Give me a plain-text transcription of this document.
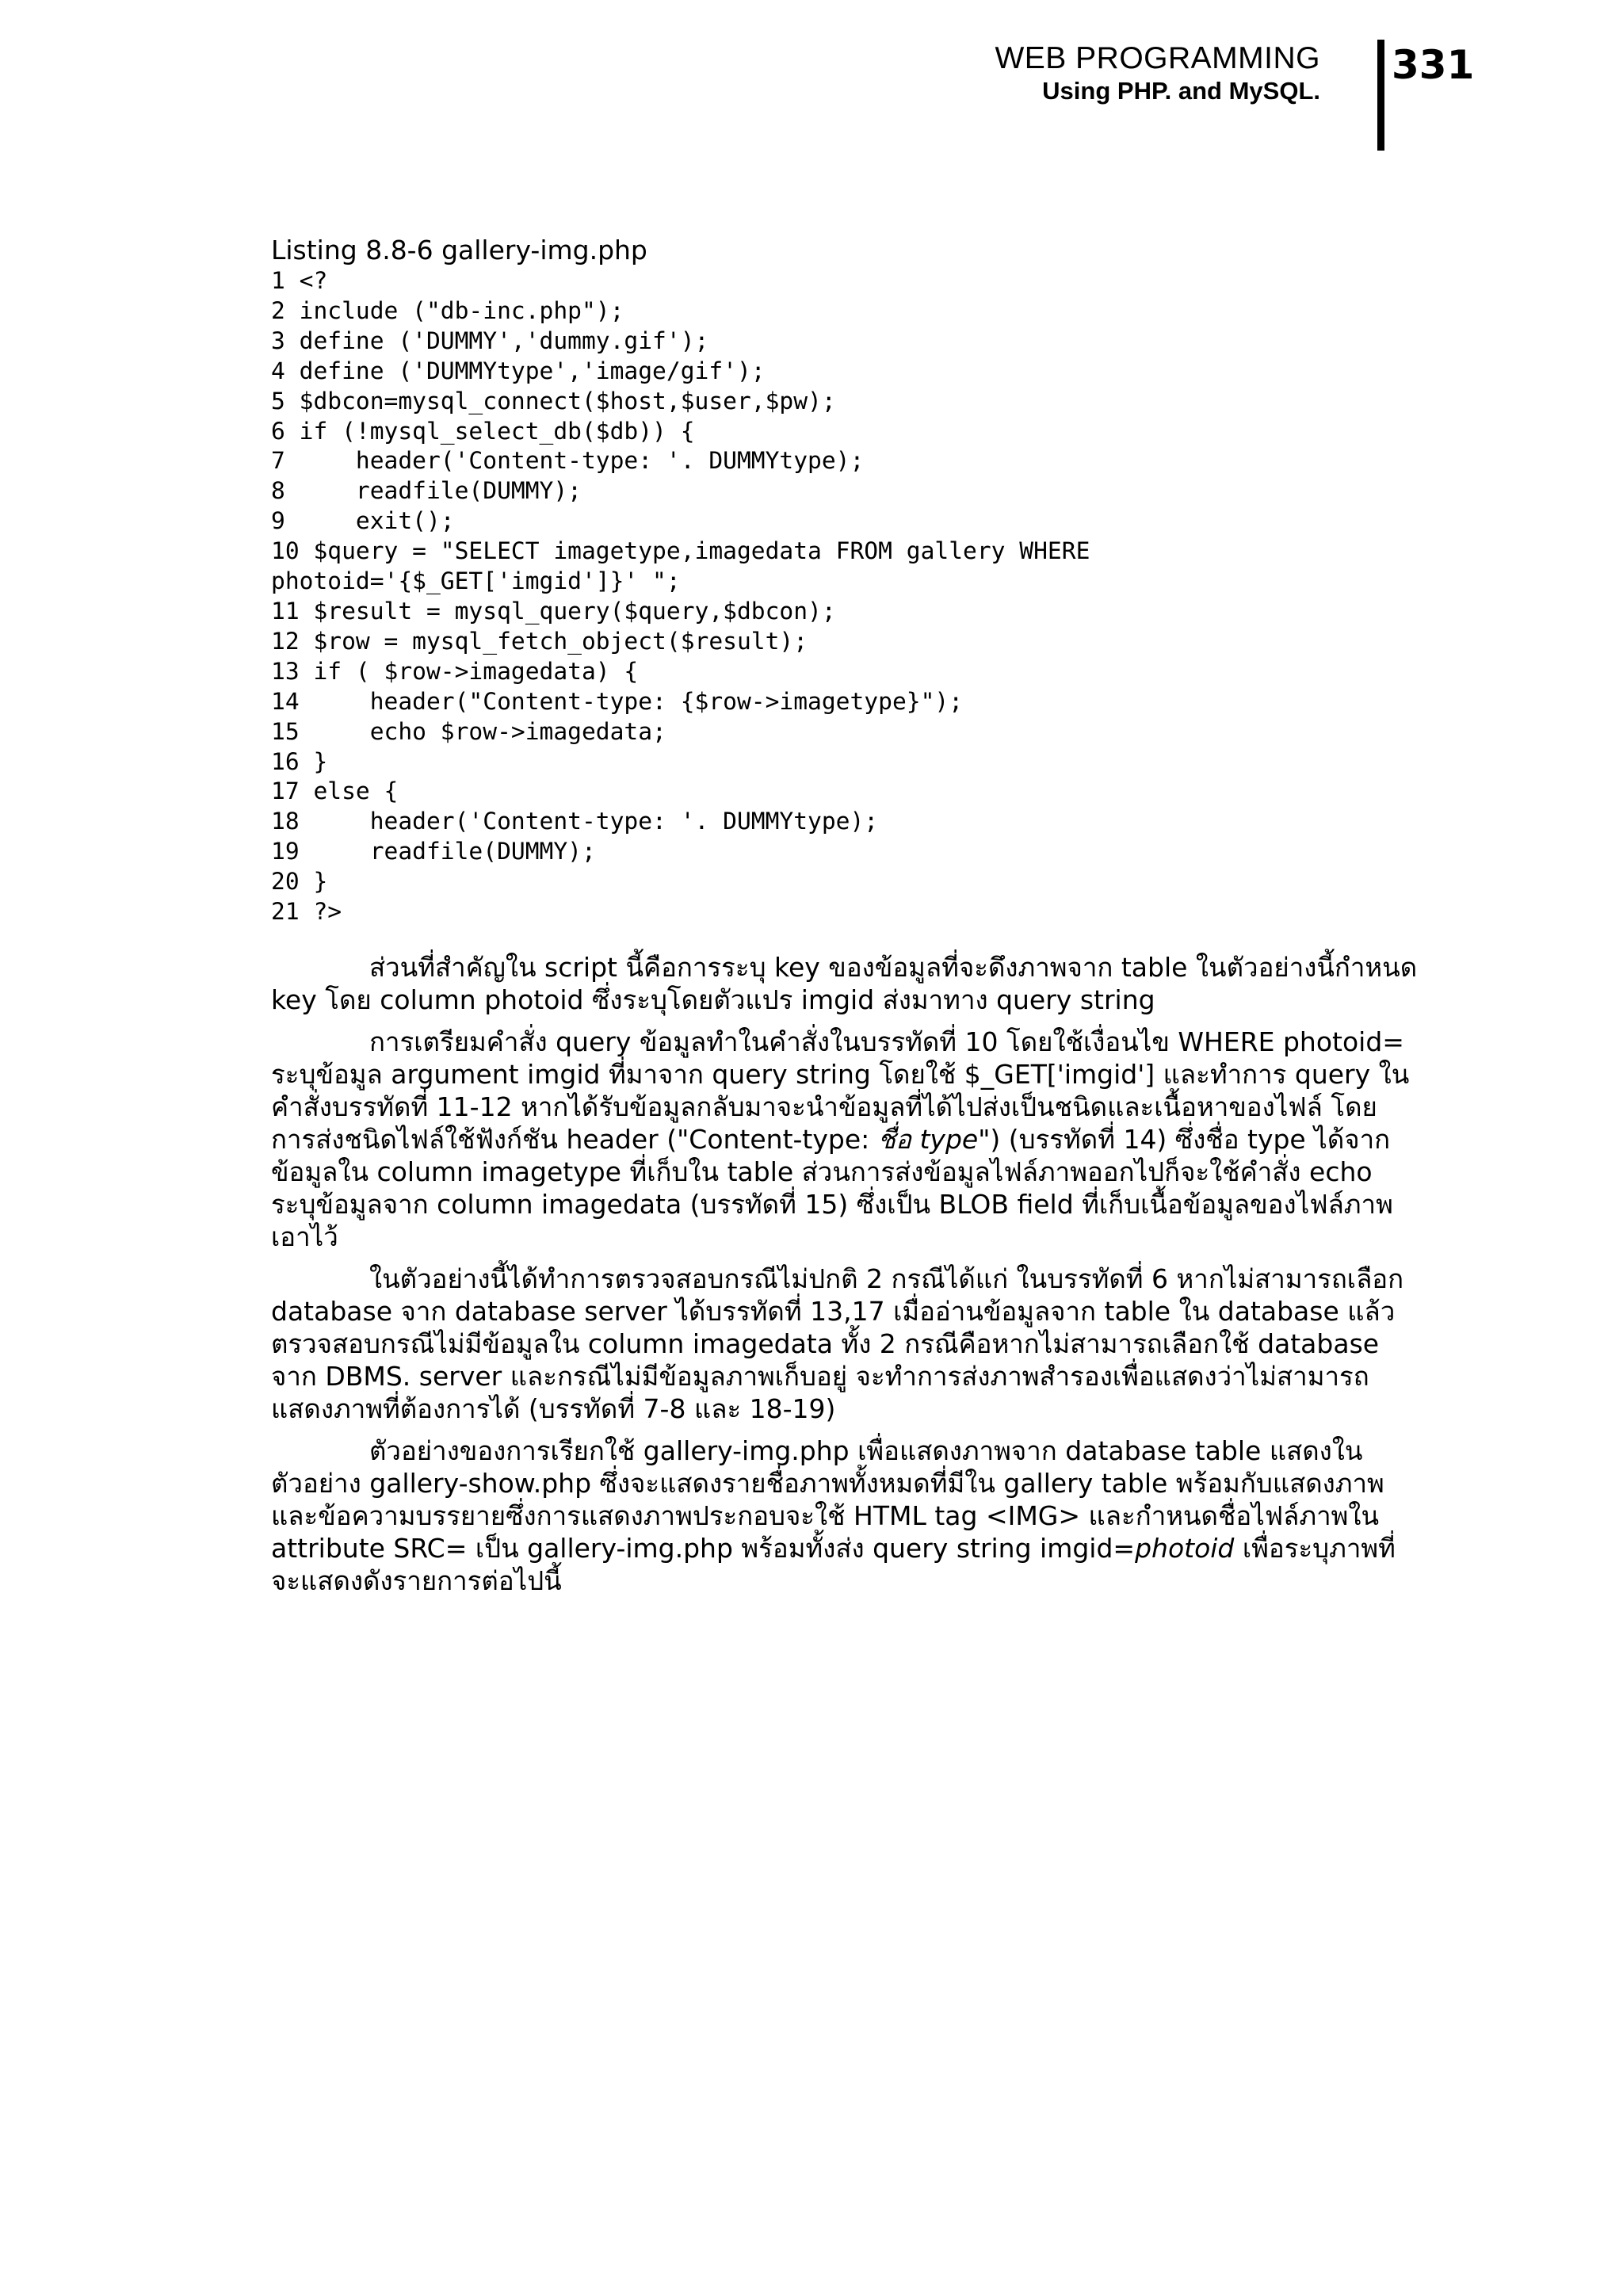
WEB PROGRAMMING
Using PHP. and MySQL.
331

Listing 8.8-6 gallery-img.php

1 <?
2 include ("db-inc.php");
3 define ('DUMMY','dummy.gif');
4 define ('DUMMYtype','image/gif');
5 $dbcon=mysql_connect($host,$user,$pw);
6 if (!mysql_select_db($db)) {
7     header('Content-type: '. DUMMYtype);
8     readfile(DUMMY);
9     exit();
10 $query = "SELECT imagetype,imagedata FROM gallery WHERE
photoid='{$_GET['imgid']}' ";
11 $result = mysql_query($query,$dbcon);
12 $row = mysql_fetch_object($result);
13 if ( $row->imagedata) {
14     header("Content-type: {$row->imagetype}");
15     echo $row->imagedata;
16 }
17 else {
18     header('Content-type: '. DUMMYtype);
19     readfile(DUMMY);
20 }
21 ?>

ส่วนที่สำคัญใน script นี้คือการระบุ key ของข้อมูลที่จะดึงภาพจาก table ในตัวอย่างนี้กำหนด key โดย column photoid ซึ่งระบุโดยตัวแปร imgid ส่งมาทาง query string

การเตรียมคำสั่ง query ข้อมูลทำในคำสั่งในบรรทัดที่ 10 โดยใช้เงื่อนไข WHERE photoid= ระบุข้อมูล argument imgid ที่มาจาก query string โดยใช้ $_GET['imgid'] และทำการ query ในคำสั่งบรรทัดที่ 11-12 หากได้รับข้อมูลกลับมาจะนำข้อมูลที่ได้ไปส่งเป็นชนิดและเนื้อหาของไฟล์ โดยการส่งชนิดไฟล์ใช้ฟังก์ชัน header ("Content-type: ชื่อ type") (บรรทัดที่ 14) ซึ่งชื่อ type ได้จากข้อมูลใน column imagetype ที่เก็บใน table ส่วนการส่งข้อมูลไฟล์ภาพออกไปก็จะใช้คำสั่ง echo ระบุข้อมูลจาก column imagedata (บรรทัดที่ 15) ซึ่งเป็น BLOB field ที่เก็บเนื้อข้อมูลของไฟล์ภาพเอาไว้

ในตัวอย่างนี้ได้ทำการตรวจสอบกรณีไม่ปกติ 2 กรณีได้แก่ ในบรรทัดที่ 6 หากไม่สามารถเลือก database จาก database server ได้บรรทัดที่ 13,17 เมื่ออ่านข้อมูลจาก table ใน database แล้วตรวจสอบกรณีไม่มีข้อมูลใน column imagedata ทั้ง 2 กรณีคือหากไม่สามารถเลือกใช้ database จาก DBMS. server และกรณีไม่มีข้อมูลภาพเก็บอยู่ จะทำการส่งภาพสำรองเพื่อแสดงว่าไม่สามารถแสดงภาพที่ต้องการได้ (บรรทัดที่ 7-8 และ 18-19)

ตัวอย่างของการเรียกใช้ gallery-img.php เพื่อแสดงภาพจาก database table แสดงในตัวอย่าง gallery-show.php ซึ่งจะแสดงรายชื่อภาพทั้งหมดที่มีใน gallery table พร้อมกับแสดงภาพและข้อความบรรยายซึ่งการแสดงภาพประกอบจะใช้ HTML tag <IMG> และกำหนดชื่อไฟล์ภาพใน attribute SRC= เป็น gallery-img.php พร้อมทั้งส่ง query string imgid=photoid เพื่อระบุภาพที่จะแสดงดังรายการต่อไปนี้
